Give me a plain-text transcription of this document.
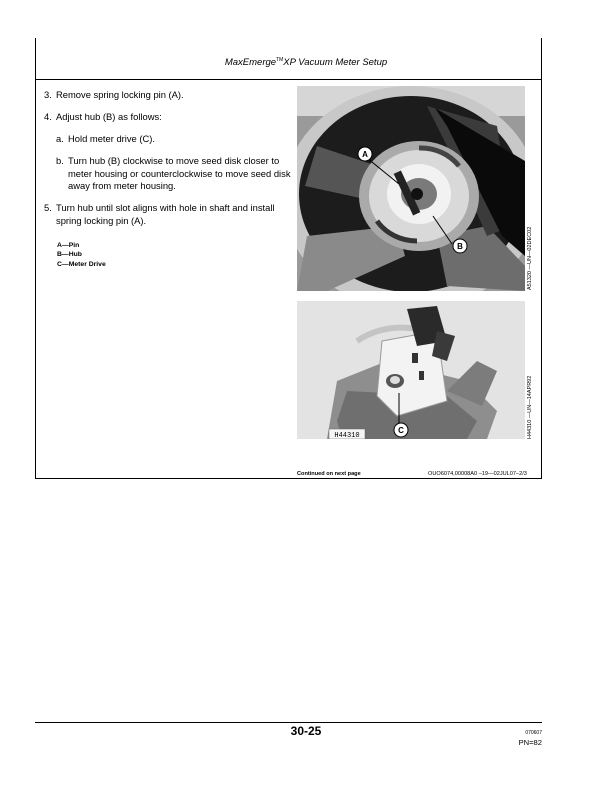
MaxEmerge™XP Vacuum Meter Setup
3. Remove spring locking pin (A).
4. Adjust hub (B) as follows:
a. Hold meter drive (C).
b. Turn hub (B) clockwise to move seed disk closer to meter housing or counterclockwise to move seed disk away from meter housing.
5. Turn hub until slot aligns with hole in shaft and install spring locking pin (A).
A—Pin
B—Hub
C—Meter Drive
A
B	A51320 —UN—02DEC02
H44310
C	H44310 —UN—14APR92
Continued on next page	OUO6074,00008A0 –19—02JUL07–2/3
30-25	070607
PN=82
